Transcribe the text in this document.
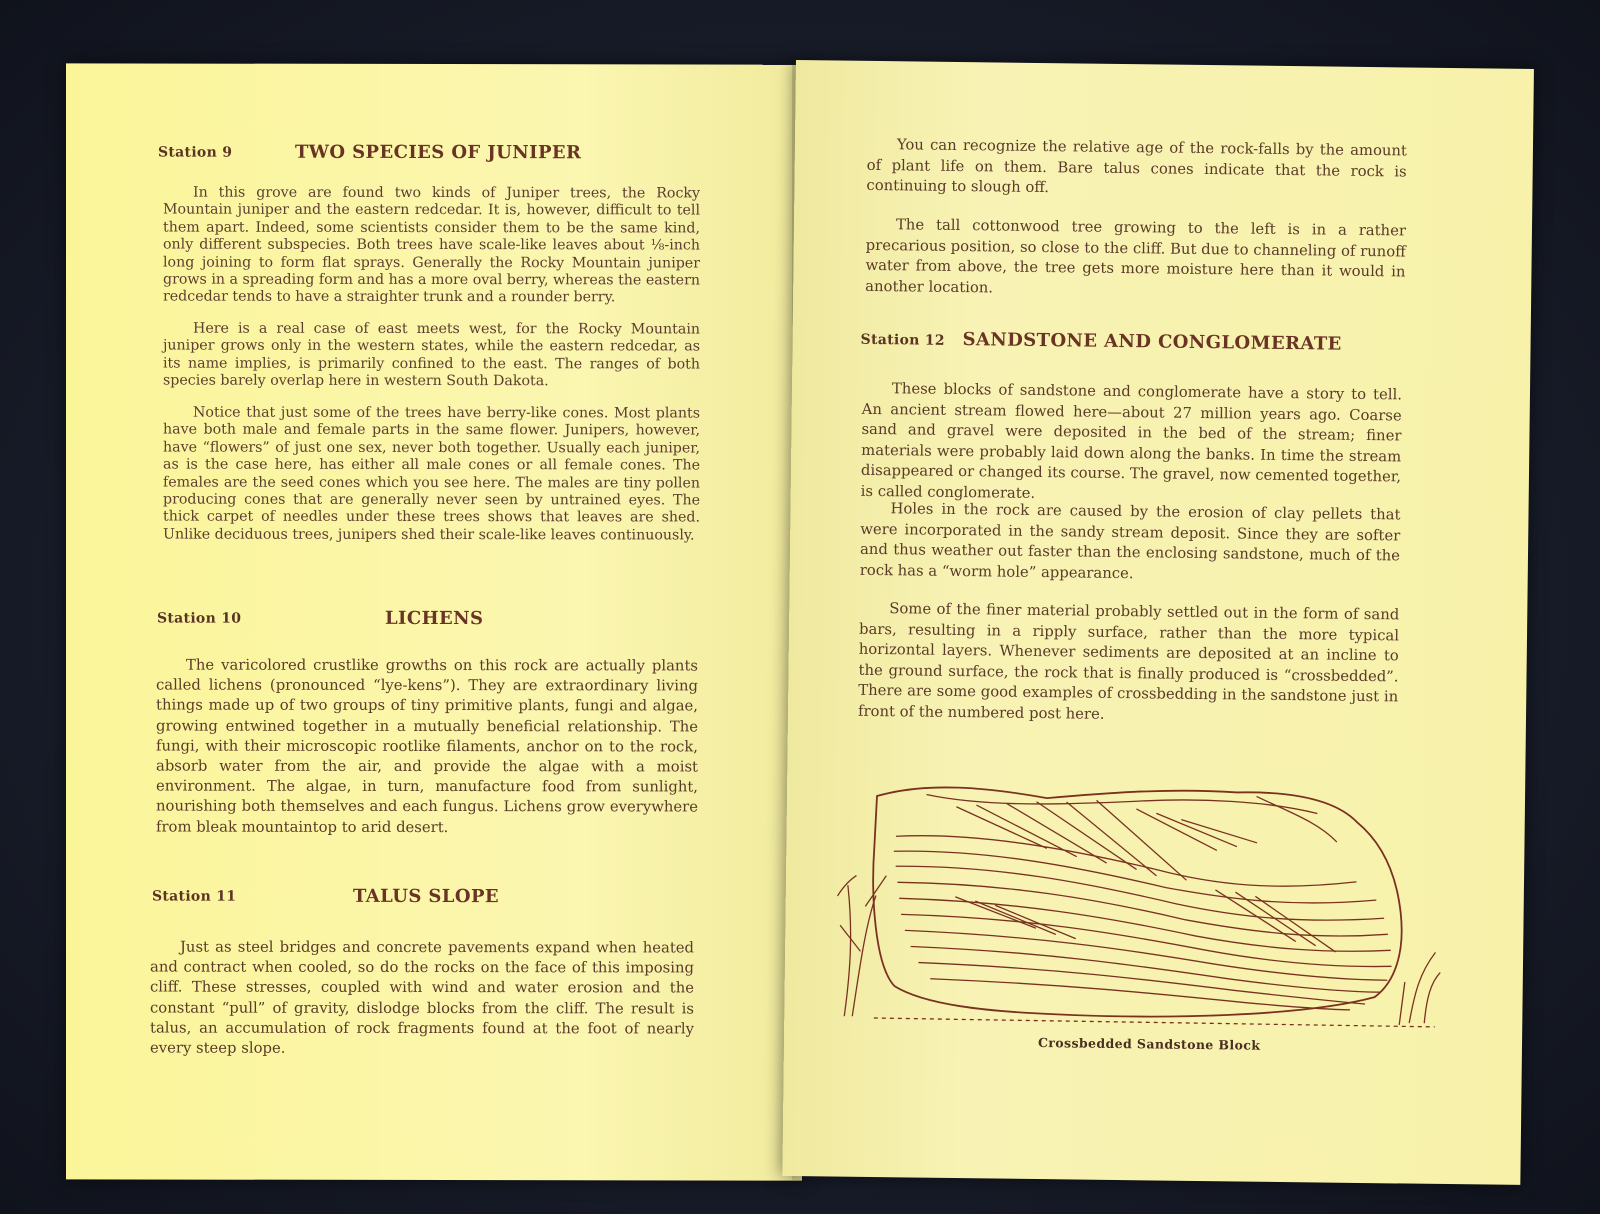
Station 9	TWO SPECIES OF JUNIPER

In this grove are found two kinds of Juniper trees, the Rocky Mountain juniper and the eastern redcedar. It is, however, difficult to tell them apart. Indeed, some scientists consider them to be the same kind, only different subspecies. Both trees have scale-like leaves about ⅛-inch long joining to form flat sprays. Generally the Rocky Mountain juniper grows in a spreading form and has a more oval berry, whereas the eastern redcedar tends to have a straighter trunk and a rounder berry.

Here is a real case of east meets west, for the Rocky Mountain juniper grows only in the western states, while the eastern redcedar, as its name implies, is primarily confined to the east. The ranges of both species barely overlap here in western South Dakota.

Notice that just some of the trees have berry-like cones. Most plants have both male and female parts in the same flower. Junipers, however, have “flowers” of just one sex, never both together. Usually each juniper, as is the case here, has either all male cones or all female cones. The females are the seed cones which you see here. The males are tiny pollen producing cones that are generally never seen by untrained eyes. The thick carpet of needles under these trees shows that leaves are shed. Unlike deciduous trees, junipers shed their scale-like leaves continuously.

Station 10	LICHENS

The varicolored crustlike growths on this rock are actually plants called lichens (pronounced “lye-kens”). They are extraordinary living things made up of two groups of tiny primitive plants, fungi and algae, growing entwined together in a mutually beneficial relationship. The fungi, with their microscopic rootlike filaments, anchor on to the rock, absorb water from the air, and provide the algae with a moist environment. The algae, in turn, manufacture food from sunlight, nourishing both themselves and each fungus. Lichens grow everywhere from bleak mountaintop to arid desert.

Station 11	TALUS SLOPE

Just as steel bridges and concrete pavements expand when heated and contract when cooled, so do the rocks on the face of this imposing cliff. These stresses, coupled with wind and water erosion and the constant “pull” of gravity, dislodge blocks from the cliff. The result is talus, an accumulation of rock fragments found at the foot of nearly every steep slope.

You can recognize the relative age of the rock-falls by the amount of plant life on them. Bare talus cones indicate that the rock is continuing to slough off.

The tall cottonwood tree growing to the left is in a rather precarious position, so close to the cliff. But due to channeling of runoff water from above, the tree gets more moisture here than it would in another location.

Station 12 SANDSTONE AND CONGLOMERATE

These blocks of sandstone and conglomerate have a story to tell. An ancient stream flowed here—about 27 million years ago. Coarse sand and gravel were deposited in the bed of the stream; finer materials were probably laid down along the banks. In time the stream disappeared or changed its course. The gravel, now cemented together, is called conglomerate.

Holes in the rock are caused by the erosion of clay pellets that were incorporated in the sandy stream deposit. Since they are softer and thus weather out faster than the enclosing sandstone, much of the rock has a “worm hole” appearance.

Some of the finer material probably settled out in the form of sand bars, resulting in a ripply surface, rather than the more typical horizontal layers. Whenever sediments are deposited at an incline to the ground surface, the rock that is finally produced is “crossbedded”. There are some good examples of crossbedding in the sandstone just in front of the numbered post here.

Crossbedded Sandstone Block
